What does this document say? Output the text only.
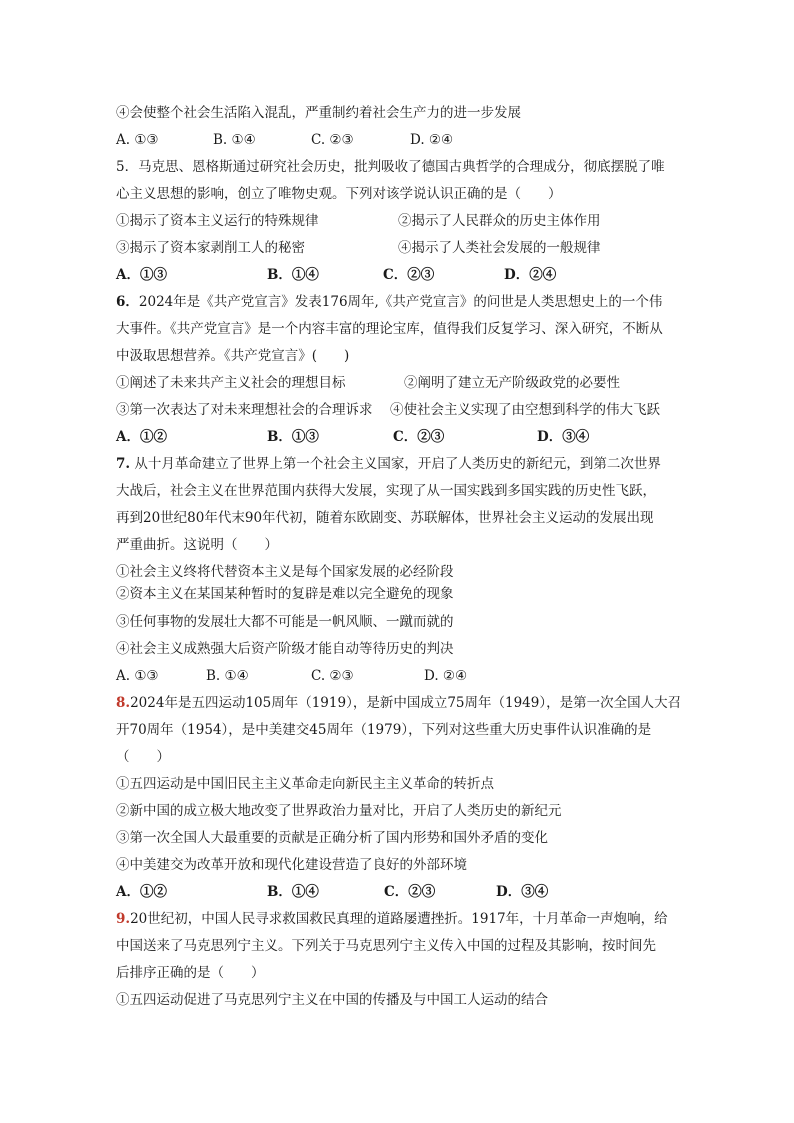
④会使整个社会生活陷入混乱，严重制约着社会生产力的进一步发展
A. ①③	B. ①④	C. ②③	D. ②④
5．马克思、恩格斯通过研究社会历史，批判吸收了德国古典哲学的合理成分，彻底摆脱了唯
心主义思想的影响，创立了唯物史观。下列对该学说认识正确的是（　　）
①揭示了资本主义运行的特殊规律	②揭示了人民群众的历史主体作用
③揭示了资本家剥削工人的秘密	④揭示了人类社会发展的一般规律
A．①③	B．①④	C．②③	D．②④
6．2024年是《共产党宣言》发表176周年,《共产党宣言》的问世是人类思想史上的一个伟
大事件。《共产党宣言》是一个内容丰富的理论宝库，值得我们反复学习、深入研究，不断从
中汲取思想营养。《共产党宣言》(　　)
①阐述了未来共产主义社会的理想目标	②阐明了建立无产阶级政党的必要性
③第一次表达了对未来理想社会的合理诉求 ④使社会主义实现了由空想到科学的伟大飞跃
A．①②	B．①③	C．②③	D．③④
7. 从十月革命建立了世界上第一个社会主义国家，开启了人类历史的新纪元，到第二次世界
大战后，社会主义在世界范围内获得大发展，实现了从一国实践到多国实践的历史性飞跃，
再到20世纪80年代末90年代初，随着东欧剧变、苏联解体，世界社会主义运动的发展出现
严重曲折。这说明（　　）
①社会主义终将代替资本主义是每个国家发展的必经阶段
②资本主义在某国某种暂时的复辟是难以完全避免的现象
③任何事物的发展壮大都不可能是一帆风顺、一蹴而就的
④社会主义成熟强大后资产阶级才能自动等待历史的判决
A. ①③	B. ①④	C. ②③	D. ②④
8.2024年是五四运动105周年（1919），是新中国成立75周年（1949），是第一次全国人大召
开70周年（1954），是中美建交45周年（1979），下列对这些重大历史事件认识准确的是
（　　）
①五四运动是中国旧民主主义革命走向新民主主义革命的转折点
②新中国的成立极大地改变了世界政治力量对比，开启了人类历史的新纪元
③第一次全国人大最重要的贡献是正确分析了国内形势和国外矛盾的变化
④中美建交为改革开放和现代化建设营造了良好的外部环境
A．①②	B．①④	C．②③	D．③④
9.20世纪初，中国人民寻求救国救民真理的道路屡遭挫折。1917年，十月革命一声炮响，给
中国送来了马克思列宁主义。下列关于马克思列宁主义传入中国的过程及其影响，按时间先
后排序正确的是（　　）
①五四运动促进了马克思列宁主义在中国的传播及与中国工人运动的结合
